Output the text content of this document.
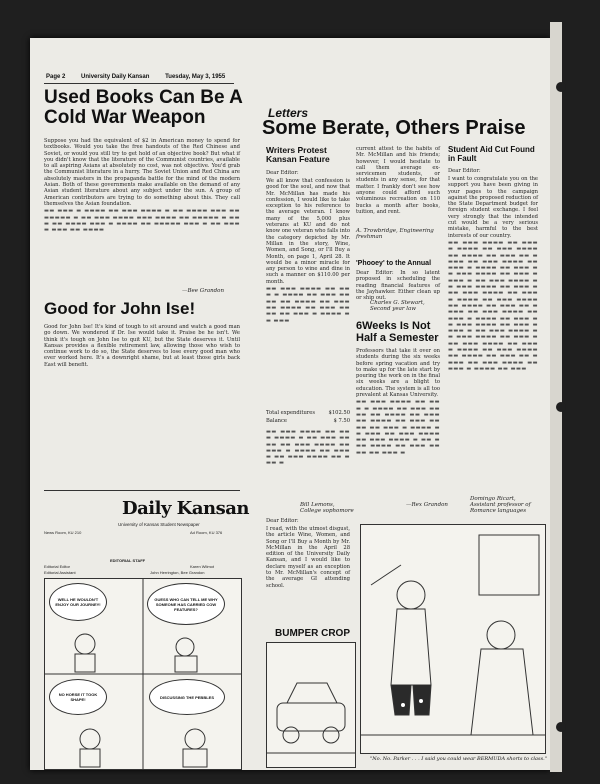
Page 2	University Daily Kansan	Tuesday, May 3, 1955
Used Books Can Be A Cold War Weapon
Suppose you had the equivalent of $2 in American money to spend for textbooks. Would you take the free handouts of the Red Chinese and Soviet, or would you still try to get hold of an objective book? But what if you didn't know that the literature of the Communist countries, available to all aspiring Asians at absolutely no cost, was not objective. You'd grab the Communist literature in a hurry. The Soviet Union and Red China are absolutely masters in the propaganda battle for the mind of the modern Asian. Both of these governments make available on the demand of any Asian student literature about any subject under the sun. A group of American contributors are trying to do something about this. They call themselves the Asian foundation.
▬▬ ▬▬▬ ▬ ▬▬▬▬ ▬▬ ▬▬▬ ▬▬▬▬ ▬ ▬▬ ▬▬▬▬ ▬▬▬ ▬▬ ▬▬▬▬▬ ▬ ▬▬ ▬▬▬ ▬▬▬▬ ▬▬▬ ▬▬▬▬ ▬▬ ▬▬▬▬▬ ▬ ▬▬▬ ▬▬ ▬▬▬▬ ▬▬▬ ▬ ▬▬▬▬ ▬▬ ▬▬▬▬▬ ▬▬▬ ▬ ▬▬ ▬▬▬▬ ▬▬▬ ▬▬ ▬▬▬▬
—Bee Grandon
Good for John Ise!
Good for John Ise! It's kind of tough to sit around and watch a good man go down. We wondered if Dr. Ise would take it. Praise be he isn't. We think it's tough on John Ise to quit KU, but the State deserves it. Until Kansas provides a flexible retirement law, allowing those who wish to continue work to do so, the State deserves to lose every good man who ever worked here. It's a downright shame, but at least those girls back East will benefit.
Daily Kansan
University of Kansas Student Newspaper
News Room, KU 210	Ad Room, KU 376
EDITORIAL STAFF
Editorial Editor	Karen Wilmot
Editorial Assistant	John Herrington, Bee Grandon
WELL HE WOULDN'T ENJOY OUR JOURNEY!
GUESS WHO CAN TELL ME WHY SOMEONE HAS CARRIED COW FEATURES?
NO HORSE IT TOOK SHAPE!	DISCUSSING THE PEBBLES
Letters
Some Berate, Others Praise
Writers Protest Kansan Feature
Dear Editor:
We all know that confession is good for the soul, and now that Mr. McMillan has made his confession, I would like to take exception to his reference to the average veteran. I know many of the 5,000 plus veterans at KU and do not know one veteran who falls into the category depicted by Mr. Millan in the story, Wine, Women, and Song, or I'll Buy a Month, on page 1, April 28. It would be a minor miracle for any person to wine and dine in such a manner on $110.00 per month.
▬▬ ▬▬▬ ▬▬▬▬ ▬▬ ▬▬▬ ▬ ▬▬▬▬ ▬▬ ▬▬▬ ▬▬▬▬ ▬▬ ▬▬▬▬ ▬▬ ▬▬▬ ▬▬ ▬▬▬▬ ▬▬ ▬▬▬ ▬▬▬▬ ▬▬ ▬▬▬ ▬ ▬▬▬▬ ▬▬ ▬▬▬
Total expenditures	$102.50
Balance	$ 7.50
▬▬ ▬▬▬ ▬▬▬▬ ▬▬ ▬▬▬ ▬▬▬▬ ▬ ▬▬ ▬▬▬ ▬▬▬▬ ▬▬ ▬▬▬ ▬▬▬▬ ▬▬ ▬▬▬ ▬ ▬▬▬▬ ▬▬ ▬▬▬▬ ▬▬ ▬▬▬ ▬▬▬▬ ▬▬ ▬▬▬ ▬
Bill Lemons, College sophomore
Dear Editor:
I read, with the utmost disgust, the article Wine, Women, and Song or I'll Buy a Month by Mr. McMillan in the April 28 edition of the University Daily Kansan, and I would like to declare myself as an exception to Mr. McMillan's concept of the average GI attending school.
BUMPER CROP
current attest to the habits of Mr. McMillan and his friends; however, I would hesitate to call them average ex-servicemen students, or students in any sense, for that matter. I frankly don't see how anyone could afford such voluminous recreation on 110 bucks a month after books, tuition, and rent.
A. Trowbridge, Engineering freshman
'Phooey' to the Annual
Dear Editor: In so latent proposed in scheduling the reading financial features of the Jayhawker. Either clean up or ship out.
Charles G. Stewart, Second year law
6Weeks Is Not Half a Semester
Professors that take it over on students during the six weeks before spring vacation and try to make up for the late start by pouring the work on in the final six weeks are a blight to education. The system is all too prevalent at Kansas University.
▬▬ ▬▬▬ ▬▬▬▬ ▬▬ ▬▬▬ ▬ ▬▬▬▬ ▬▬ ▬▬▬ ▬▬▬▬ ▬▬ ▬▬▬▬ ▬▬ ▬▬▬ ▬▬ ▬▬▬▬ ▬▬ ▬▬▬ ▬▬▬▬ ▬▬ ▬▬▬ ▬ ▬▬▬▬ ▬▬ ▬▬▬ ▬▬ ▬▬▬ ▬▬▬▬ ▬▬ ▬▬▬ ▬▬▬▬ ▬ ▬▬ ▬▬▬ ▬▬▬▬ ▬▬ ▬▬▬ ▬▬▬▬ ▬▬ ▬▬▬ ▬
—Rex Grandon
Student Aid Cut Found in Fault
Dear Editor:
I want to congratulate you on the support you have been giving in your pages to the campaign against the proposed reduction of the State Department budget for foreign student exchange. I feel very strongly that the intended cut would be a very serious mistake, harmful to the best interests of our country.
▬▬ ▬▬▬ ▬▬▬▬ ▬▬ ▬▬▬ ▬ ▬▬▬▬ ▬▬ ▬▬▬ ▬▬▬▬ ▬▬ ▬▬▬▬ ▬▬ ▬▬▬ ▬▬ ▬▬▬▬ ▬▬ ▬▬▬ ▬▬▬▬ ▬▬ ▬▬▬ ▬ ▬▬▬▬ ▬▬ ▬▬▬ ▬▬ ▬▬▬ ▬▬▬▬ ▬▬ ▬▬▬ ▬▬▬▬ ▬ ▬▬ ▬▬▬ ▬▬▬▬ ▬▬ ▬▬▬ ▬▬▬▬ ▬▬ ▬▬▬ ▬ ▬▬ ▬▬▬ ▬▬▬▬ ▬▬ ▬▬▬ ▬ ▬▬▬▬ ▬▬ ▬▬▬ ▬▬▬▬ ▬▬ ▬▬▬▬ ▬▬ ▬▬▬ ▬▬ ▬▬▬▬ ▬▬ ▬▬▬ ▬▬▬▬ ▬▬ ▬▬▬ ▬ ▬▬▬▬ ▬▬ ▬▬▬ ▬▬ ▬▬▬ ▬▬▬▬ ▬▬ ▬▬▬ ▬▬▬▬ ▬ ▬▬ ▬▬▬ ▬▬▬▬ ▬▬ ▬▬▬ ▬▬▬▬ ▬▬ ▬▬▬ ▬ ▬▬ ▬▬▬ ▬▬▬▬ ▬▬ ▬▬▬ ▬ ▬▬▬▬ ▬▬ ▬▬▬ ▬▬▬▬ ▬▬ ▬▬▬▬ ▬▬ ▬▬▬ ▬▬ ▬▬▬▬ ▬▬ ▬▬▬ ▬▬▬▬ ▬▬ ▬▬▬ ▬ ▬▬▬▬ ▬▬ ▬▬▬
Domingo Ricart, Assistant professor of Romance languages
"No. No. Parker . . . I said you could wear BERMUDA shorts to class."
